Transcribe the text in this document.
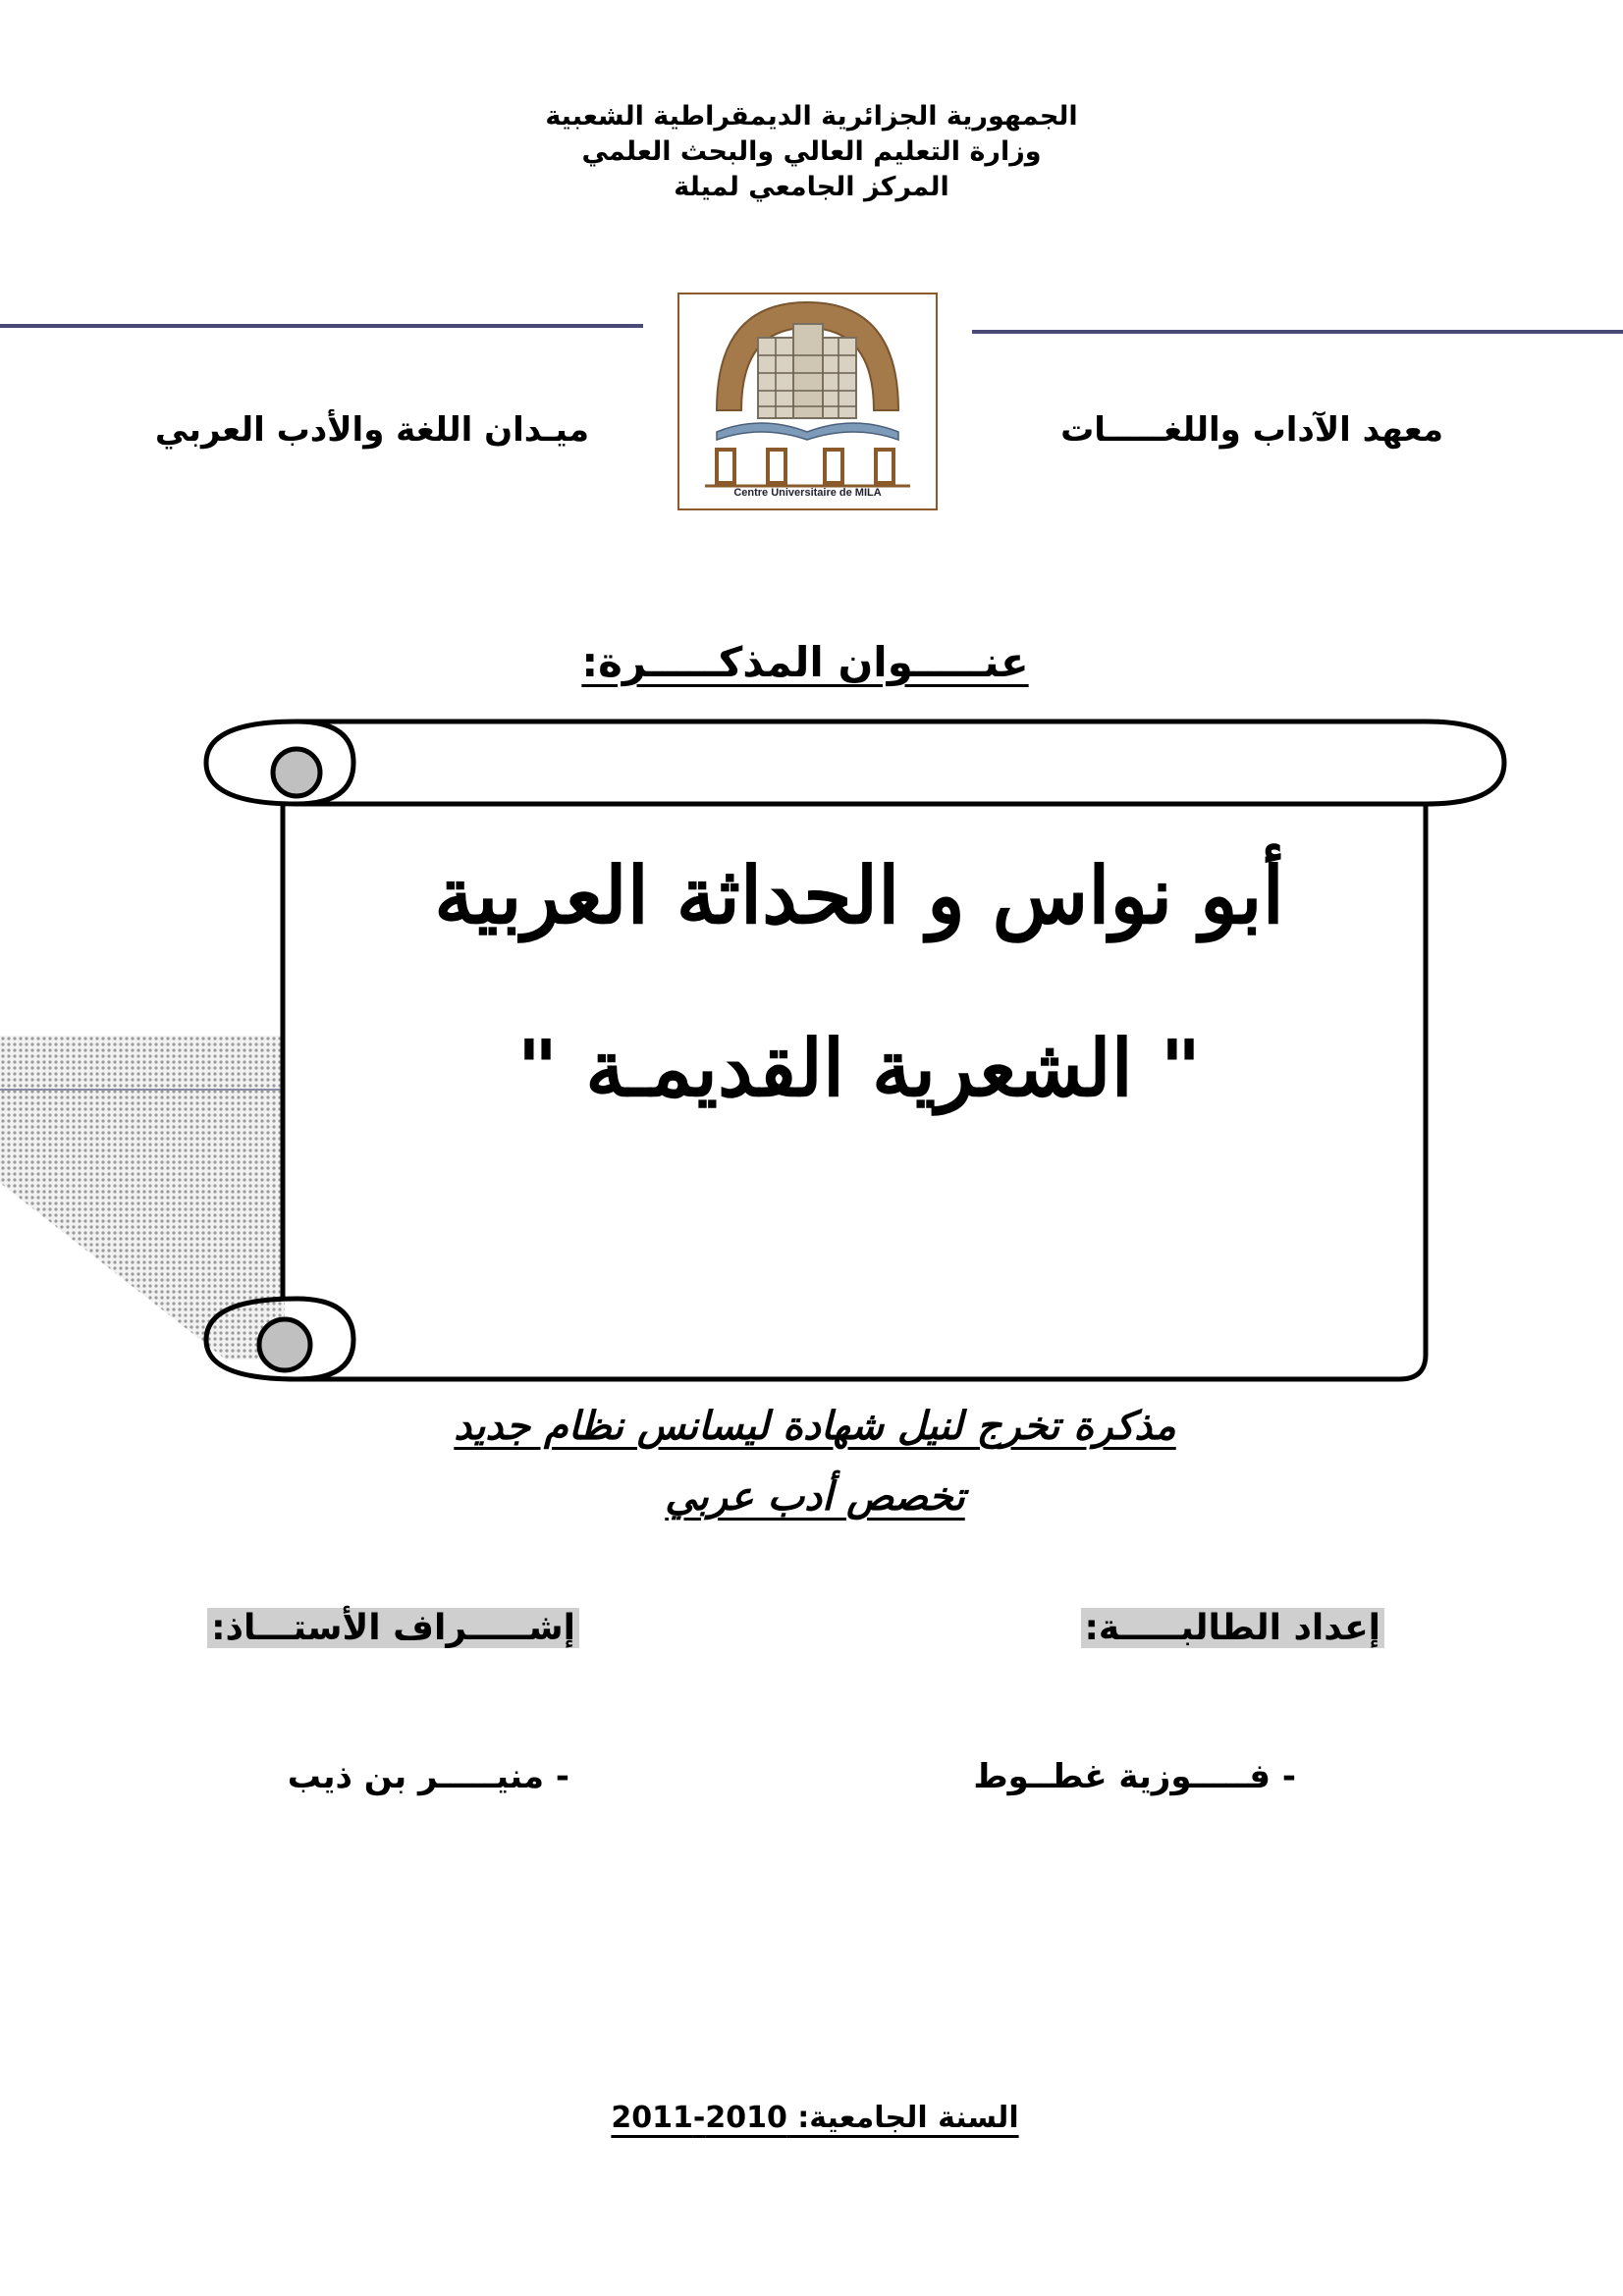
الجمهورية الجزائرية الديمقراطية الشعبية
وزارة التعليم العالي والبحث العلمي
المركز الجامعي لميلة
Centre Universitaire de MILA
معهد الآداب واللغـــــات
ميـدان اللغة والأدب العربي
عنـــــوان المذكـــــرة:
أبو نواس و الحداثة العربية
" الشعرية القديمـة "
مذكرة تخرج لنيل شهادة ليسانس نظام جديد
تخصص أدب عربي
إعداد الطالبـــــة:
إشـــــراف الأستـــاذ:
- فـــــوزية غطــوط
- منيـــــر بن ذيب
السنة الجامعية: 2010-2011
